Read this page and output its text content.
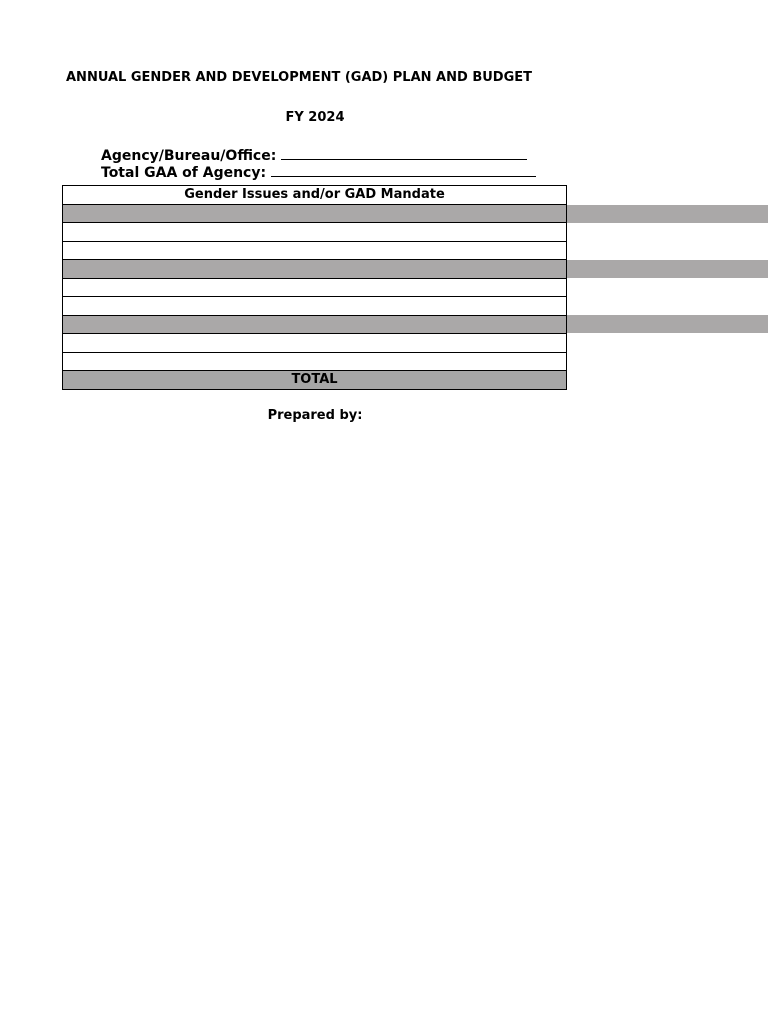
ANNUAL GENDER AND DEVELOPMENT (GAD) PLAN AND BUDGET
FY 2024
Agency/Bureau/Office:
Total GAA of Agency:
Gender Issues and/or GAD Mandate
TOTAL
Prepared by:
